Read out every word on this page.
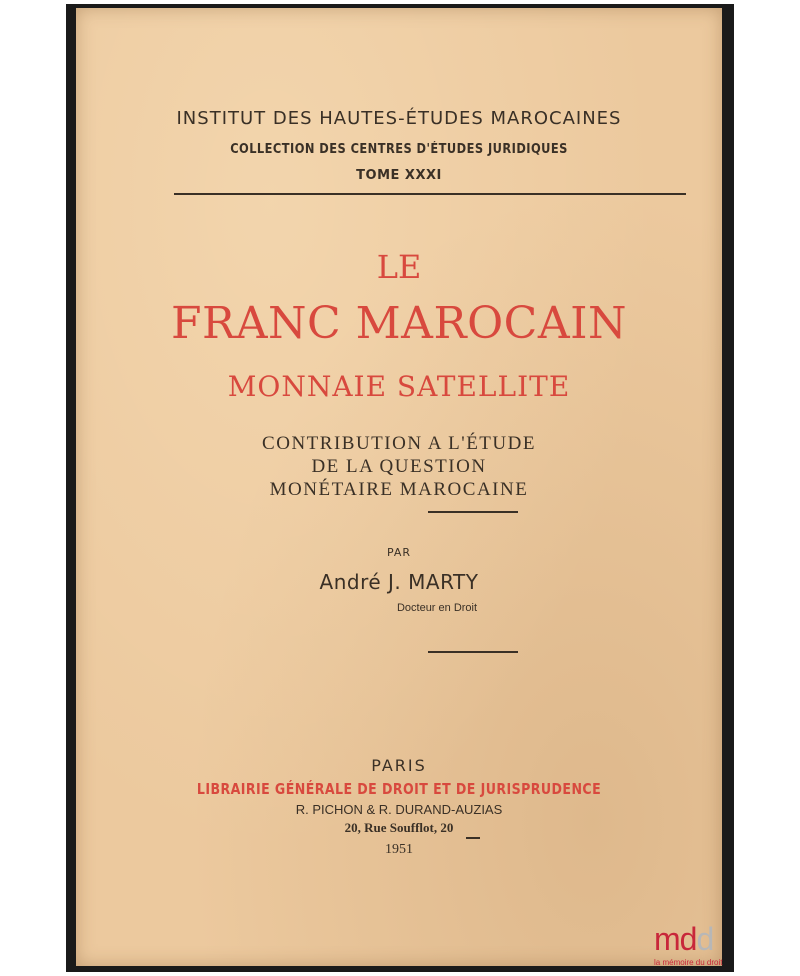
INSTITUT DES HAUTES-ÉTUDES MAROCAINES
COLLECTION DES CENTRES D'ÉTUDES JURIDIQUES
TOME XXXI
LE
FRANC MAROCAIN
MONNAIE SATELLITE
CONTRIBUTION A L'ÉTUDE
DE LA QUESTION
MONÉTAIRE MAROCAINE
PAR
André J. MARTY
Docteur en Droit
PARIS
LIBRAIRIE GÉNÉRALE DE DROIT ET DE JURISPRUDENCE
R. PICHON & R. DURAND-AUZIAS
20, Rue Soufflot, 20
1951
mdd
la mémoire du droit
